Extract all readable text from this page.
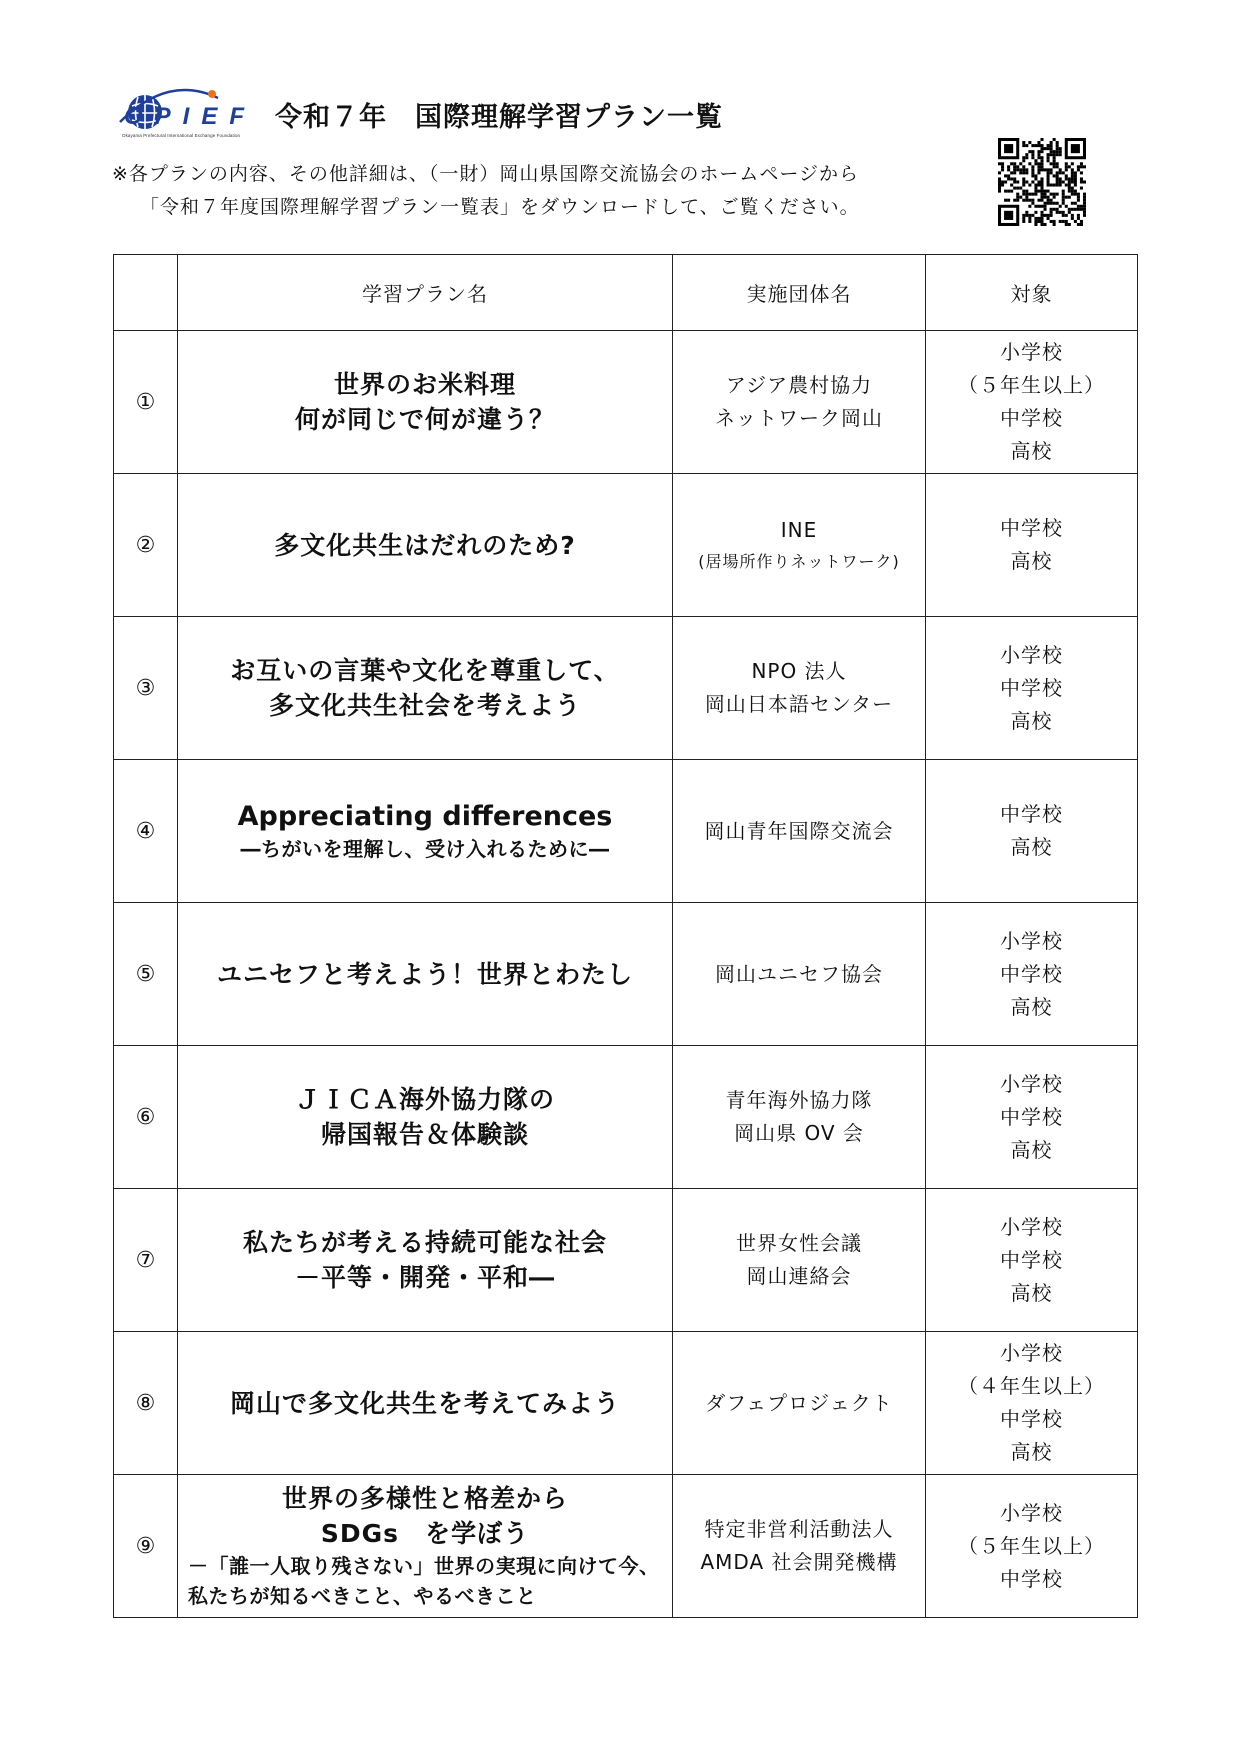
OPIEF
Okayama Prefectural International Exchange Foundation
令和７年　国際理解学習プラン一覧
※各プランの内容、その他詳細は、（一財）岡山県国際交流協会のホームページから
「令和７年度国際理解学習プラン一覧表」をダウンロードして、ご覧ください。
	学習プラン名	実施団体名	対象
①	世界のお米料理
何が同じで何が違う？	アジア農村協力
ネットワーク岡山	小学校
（５年生以上）
中学校
高校

②	多文化共生はだれのため?	INE
(居場所作りネットワーク)	中学校
高校

③	お互いの言葉や文化を尊重して、
多文化共生社会を考えよう	NPO 法人
岡山日本語センター	小学校
中学校
高校

④	Appreciating differences
―ちがいを理解し、受け入れるために―	岡山青年国際交流会	中学校
高校

⑤	ユニセフと考えよう！世界とわたし	岡山ユニセフ協会	小学校
中学校
高校

⑥	ＪＩＣＡ海外協力隊の
帰国報告＆体験談	青年海外協力隊
岡山県 OV 会	小学校
中学校
高校

⑦	私たちが考える持続可能な社会
－平等・開発・平和―	世界女性会議
岡山連絡会	小学校
中学校
高校

⑧	岡山で多文化共生を考えてみよう	ダフェプロジェクト	小学校
（４年生以上）
中学校
高校

⑨	世界の多様性と格差から
SDGs　を学ぼう
－「誰一人取り残さない」世界の実現に向けて今、私たちが知るべきこと、やるべきこと	特定非営利活動法人
AMDA 社会開発機構	小学校
（５年生以上）
中学校
